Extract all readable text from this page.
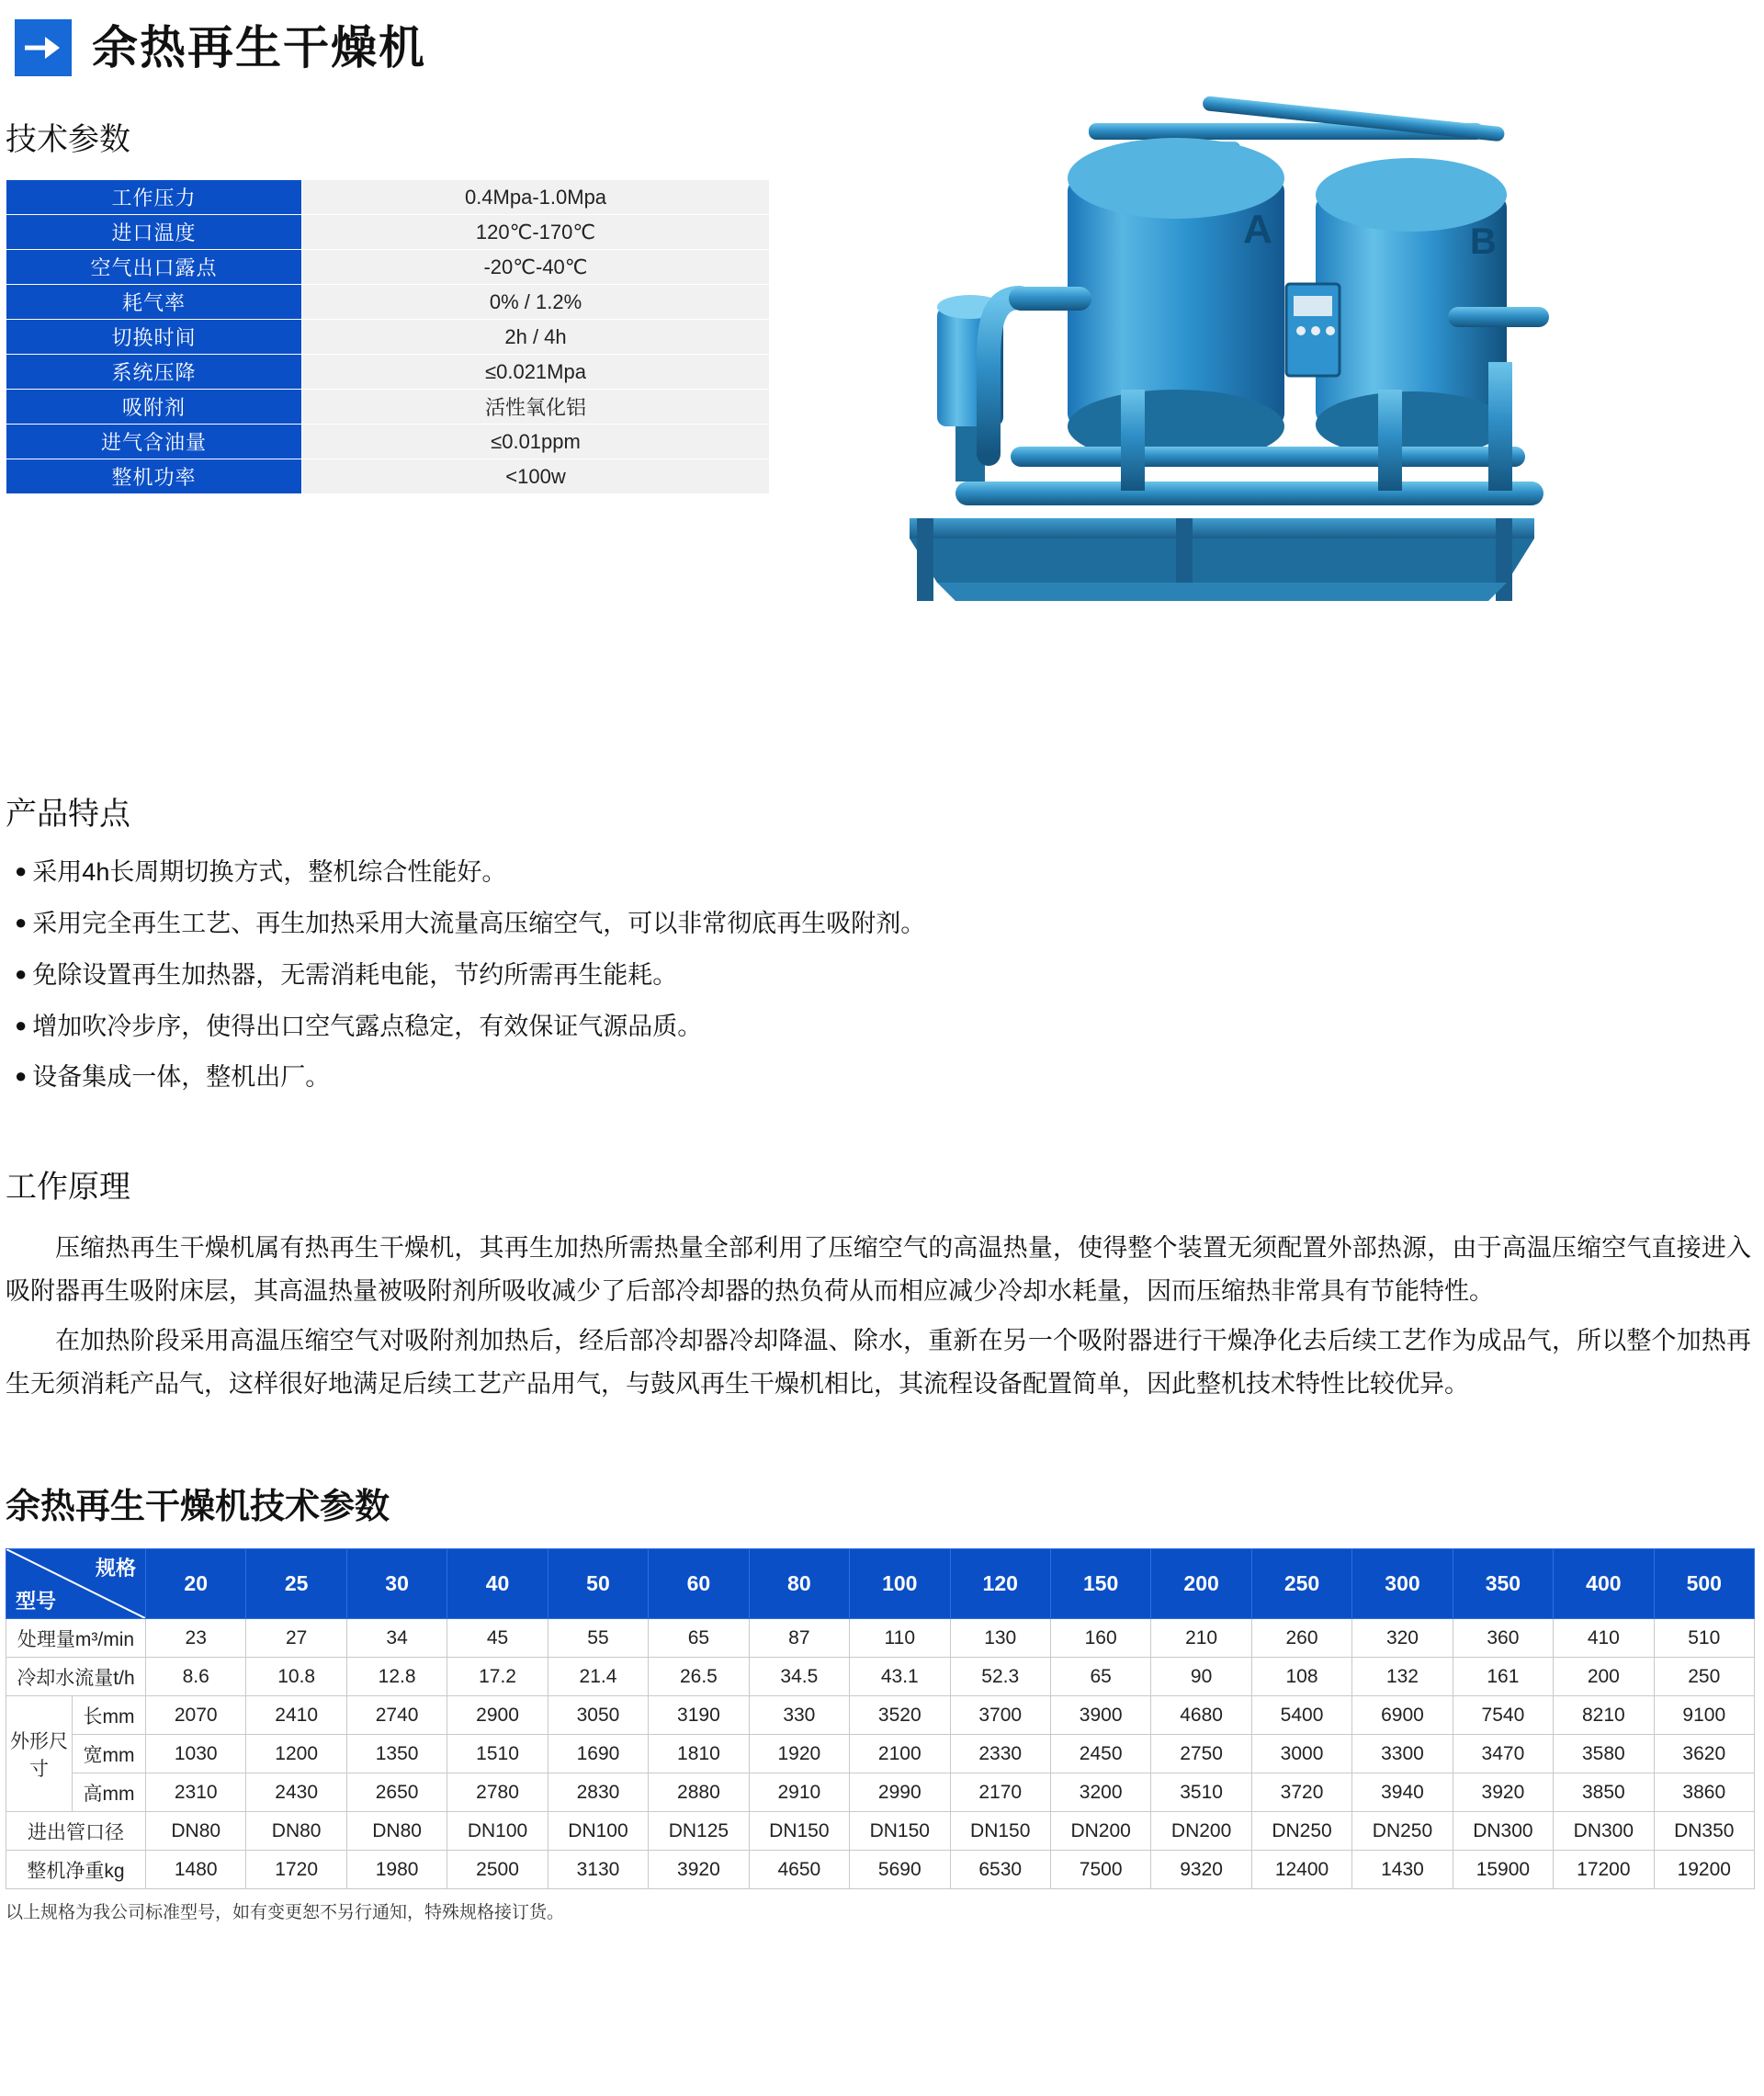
余热再生干燥机
技术参数
工作压力	0.4Mpa-1.0Mpa
进口温度	120℃-170℃
空气出口露点	-20℃-40℃
耗气率	0% / 1.2%
切换时间	2h / 4h
系统压降	≤0.021Mpa
吸附剂	活性氧化铝
进气含油量	≤0.01ppm
整机功率	<100w
A	B
产品特点
● 采用4h长周期切换方式，整机综合性能好。
● 采用完全再生工艺、再生加热采用大流量高压缩空气，可以非常彻底再生吸附剂。
● 免除设置再生加热器，无需消耗电能，节约所需再生能耗。
● 增加吹冷步序，使得出口空气露点稳定，有效保证气源品质。
● 设备集成一体，整机出厂。
工作原理

压缩热再生干燥机属有热再生干燥机，其再生加热所需热量全部利用了压缩空气的高温热量，使得整个装置无须配置外部热源，由于高温压缩空气直接进入吸附器再生吸附床层，其高温热量被吸附剂所吸收减少了后部冷却器的热负荷从而相应减少冷却水耗量，因而压缩热非常具有节能特性。

在加热阶段采用高温压缩空气对吸附剂加热后，经后部冷却器冷却降温、除水，重新在另一个吸附器进行干燥净化去后续工艺作为成品气，所以整个加热再生无须消耗产品气，这样很好地满足后续工艺产品用气，与鼓风再生干燥机相比，其流程设备配置简单，因此整机技术特性比较优异。

余热再生干燥机技术参数
规格
型号		20	25	30	40	50	60	80	100	120	150	200	250	300	350	400	500
处理量m³/min		23	27	34	45	55	65	87	110	130	160	210	260	320	360	410	510
冷却水流量t/h		8.6	10.8	12.8	17.2	21.4	26.5	34.5	43.1	52.3	65	90	108	132	161	200	250
外形尺寸	长mm	2070	2410	2740	2900	3050	3190	330	3520	3700	3900	4680	5400	6900	7540	8210	9100
	宽mm	1030	1200	1350	1510	1690	1810	1920	2100	2330	2450	2750	3000	3300	3470	3580	3620
	高mm	2310	2430	2650	2780	2830	2880	2910	2990	2170	3200	3510	3720	3940	3920	3850	3860
进出管口径		DN80	DN80	DN80	DN100	DN100	DN125	DN150	DN150	DN150	DN200	DN200	DN250	DN250	DN300	DN300	DN350
整机净重kg		1480	1720	1980	2500	3130	3920	4650	5690	6530	7500	9320	12400	1430	15900	17200	19200
以上规格为我公司标准型号，如有变更恕不另行通知，特殊规格接订货。
